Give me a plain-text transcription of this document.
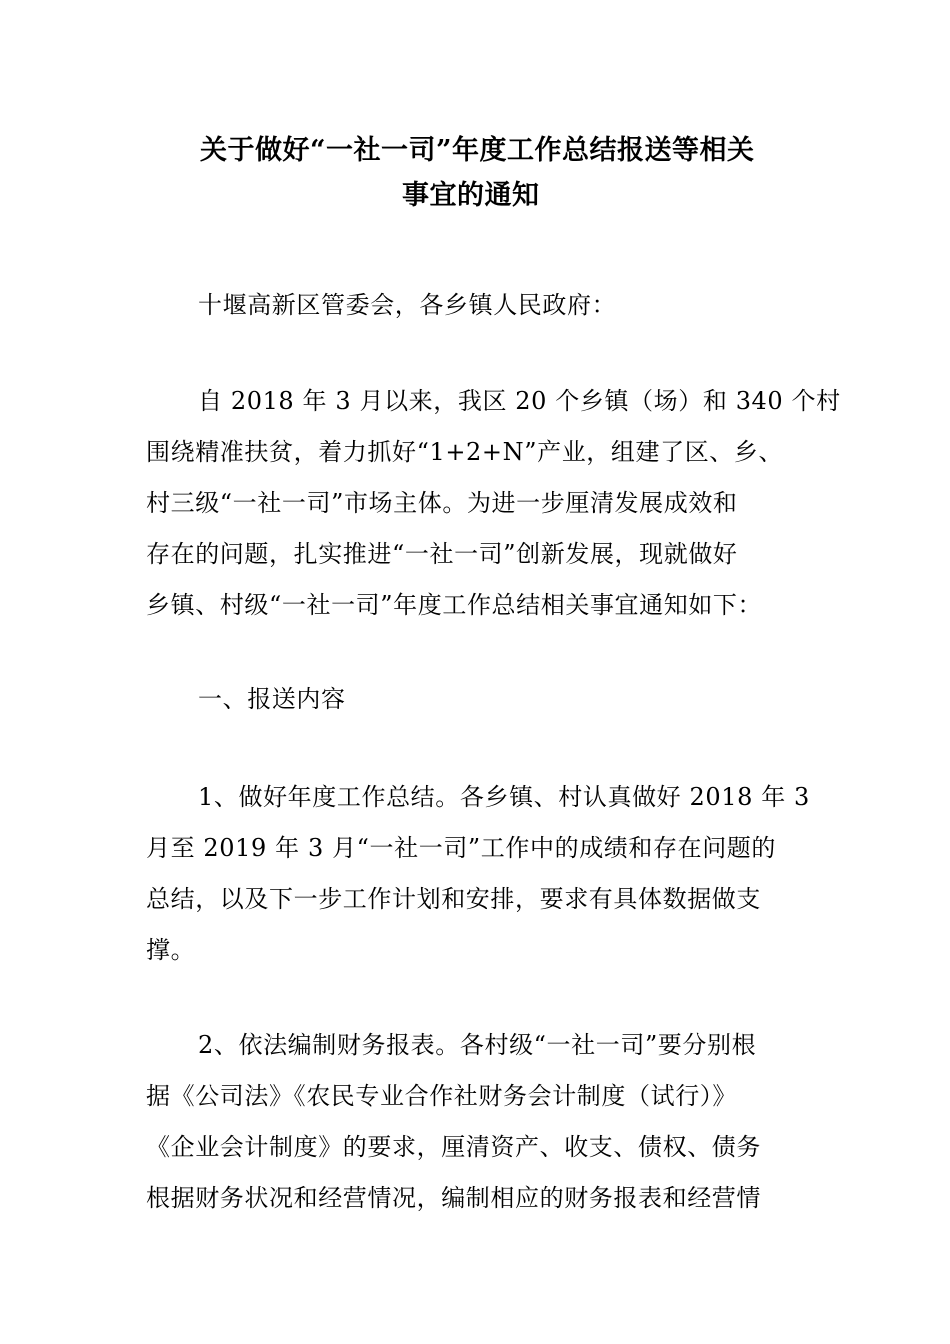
关于做好“一社一司”年度工作总结报送等相关
事宜的通知
十堰高新区管委会，各乡镇人民政府：
自 2018 年 3 月以来，我区 20 个乡镇（场）和 340 个村
围绕精准扶贫，着力抓好“1+2+N”产业，组建了区、乡、
村三级“一社一司”市场主体。为进一步厘清发展成效和
存在的问题，扎实推进“一社一司”创新发展，现就做好
乡镇、村级“一社一司”年度工作总结相关事宜通知如下：
一、报送内容
1、做好年度工作总结。各乡镇、村认真做好 2018 年 3
月至 2019 年 3 月“一社一司”工作中的成绩和存在问题的
总结，以及下一步工作计划和安排，要求有具体数据做支
撑。
2、依法编制财务报表。各村级“一社一司”要分别根
据《公司法》《农民专业合作社财务会计制度（试行）》
《企业会计制度》的要求，厘清资产、收支、债权、债务
根据财务状况和经营情况，编制相应的财务报表和经营情
